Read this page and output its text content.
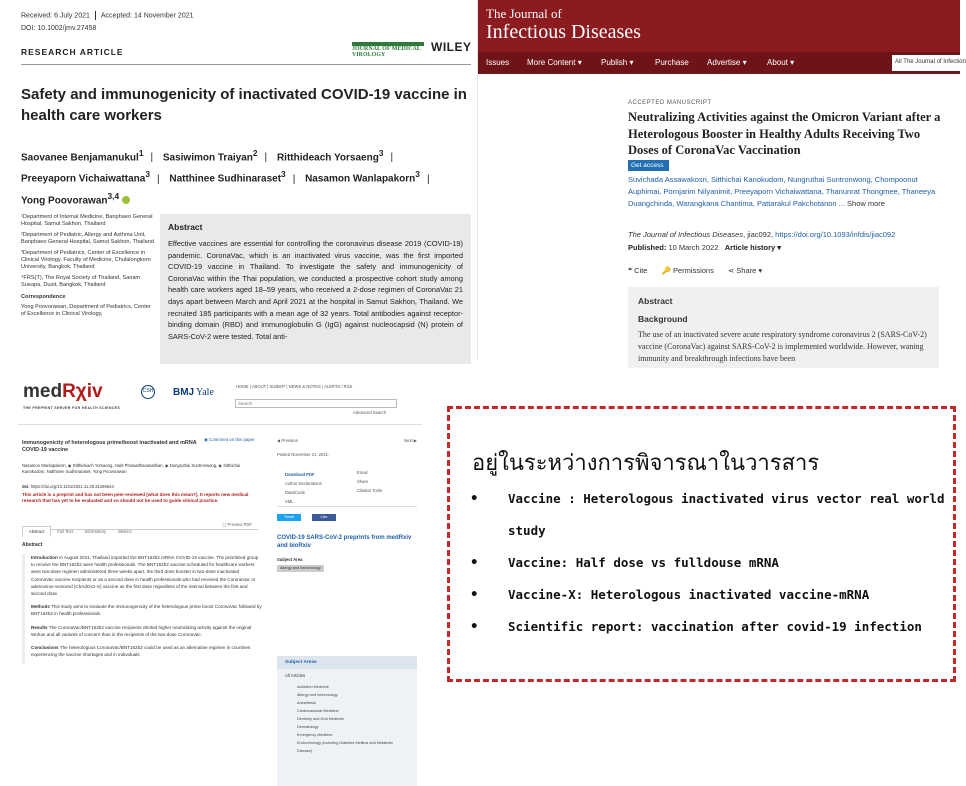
Received: 6 July 2021 Accepted: 14 November 2021
DOI: 10.1002/jmv.27458
RESEARCH ARTICLE	JOURNAL OF MEDICAL VIROLOGY
WILEY
Safety and immunogenicity of inactivated COVID-19 vaccine in health care workers
Saovanee Benjamanukul$^1$ | Sasiwimon Traiyan$^2$ | Ritthideach Yorsaeng$^3$ |
Preeyaporn Vichaiwattana$^3$ | Natthinee Sudhinaraset$^3$ | Nasamon Wanlapakorn$^3$ |
Yong Poovorawan$^{3,4}$

¹Department of Internal Medicine, Banphaeo General Hospital, Samut Sakhon, Thailand

²Department of Pediatric, Allergy and Asthma Unit, Banphaeo General Hospital, Samut Sakhon, Thailand

³Department of Pediatrics, Center of Excellence in Clinical Virology, Faculty of Medicine, Chulalongkorn University, Bangkok, Thailand

⁴FRS(T), The Royal Society of Thailand, Sanam Sueapa, Dusit, Bangkok, Thailand

Correspondence

Yong Poovorawan, Department of Pediatrics, Center of Excellence in Clinical Virology,

Abstract

Effective vaccines are essential for controlling the coronavirus disease 2019 (COVID-19) pandemic. CoronaVac, which is an inactivated virus vaccine, was the first imported COVID-19 vaccine in Thailand. To investigate the safety and immunogenicity of CoronaVac within the Thai population, we conducted a prospective cohort study among health care workers aged 18–59 years, who received a 2-dose regimen of CoronaVac 21 days apart between March and April 2021 at the hospital in Samut Sakhon, Thailand. We recruited 185 participants with a mean age of 32 years. Total antibodies against receptor-binding domain (RBD) and immunoglobulin G (IgG) against nucleocapsid (N) protein of SARS-CoV-2 were tested. Total anti-

The Journal of
Infectious Diseases
Issues More Content ▾ Publish ▾	Purchase Advertise ▾	About ▾	All The Journal of Infection
ACCEPTED MANUSCRIPT
Neutralizing Activities against the Omicron Variant after a Heterologous Booster in Healthy Adults Receiving Two Doses of CoronaVac Vaccination
Get access ›
Suvichada Assawakosri, Sitthichai Kanokudom, Nungruthai Suntronwong, Chompoonut Auphimai, Pornjarim Nilyanimit, Preeyaporn Vichaiwattana, Thanunrat Thongmee, Thaneeya Duangchinda, Warangkana Chantima, Pattarakul Pakchotanon ... Show more
The Journal of Infectious Diseases, jiac092, https://doi.org/10.1093/infdis/jiac092
Published: 10 March 2022 Article history ▾
❝ Cite 🔑 Permissions ⋖ Share ▾
Abstract
Background

The use of an inactivated severe acute respiratory syndrome coronavirus 2 (SARS-CoV-2) vaccine (CoronaVac) against SARS-CoV-2 is implemented worldwide. However, waning immunity and breakthrough infections have been

medRχiv
THE PREPRINT SERVER FOR HEALTH SCIENCES
CSH BMJ Yale
HOME | ABOUT | SUBMIT | NEWS & NOTES | ALERTS / RSS
Search
Advanced Search
Immunogenicity of heterologous prime/boost inactivated and mRNA COVID-19 vaccine
◉ Comment on this paper
Nasamon Wanlapakorn, ◉ Ritthideach Yorsaeng, Harit Phowatthanasathian, ◉ Nungruthai Suntronwong, ◉ Sitthichai Kanokudom, Natthinee Sudhinaraset, Yong Poovorawan
doi: https://doi.org/10.1101/2021.11.20.21266644
This article is a preprint and has not been peer-reviewed [what does this mean?]. It reports new medical research that has yet to be evaluated and so should not be used to guide clinical practice.
Abstract	Full Text	Info/History	Metrics
▢ Preview PDF
Abstract

Introduction In August 2021, Thailand imported the BNT162b2 mRNA COVID-19 vaccine. The prioritized group to receive the BNT162b2 were health professionals. The BNT162b2 vaccine scheduled for healthcare workers were two-dose regimen administered three weeks apart, the third dose booster in two-dose inactivated CoronaVac vaccine recipients or as a second dose in health professionals who had received the CoronaVac or adenovirus-vectored (ChAdOx1-S) vaccine as the first dose regardless of the interval between the first and second dose.

Methods This study aims to evaluate the immunogenicity of the heterologous prime boost CoronaVac followed by BNT162b2 in health professionals.

Results The CoronaVac/BNT162b2 vaccine recipients elicited higher neutralizing activity against the original Wuhan and all variants of concern than in the recipients of the two-dose CoronaVac.

Conclusions The heterologous CoronaVac/BNT162b2 could be used as an alternative regimen in countries experiencing the vaccine shortages and in individuals

◀ Previous	Next ▶
Posted November 21, 2021.
Download PDF
Author Declarations
Data/Code
XML
Email
Share
Citation Tools
Tweet	Like
COVID-19 SARS-CoV-2 preprints from medRxiv and bioRxiv
Subject Area
Allergy and Immunology
Subject Areas
All Articles
Addiction Medicine
Allergy and Immunology
Anesthesia
Cardiovascular Medicine
Dentistry and Oral Medicine
Dermatology
Emergency Medicine
Endocrinology (including Diabetes Mellitus and Metabolic Disease)
อยู่ในระหว่างการพิจารณาในวารสาร
• Vaccine : Heterologous inactivated virus vector real world study
• Vaccine: Half dose vs fulldouse mRNA
• Vaccine-X: Heterologous inactivated vaccine-mRNA
• Scientific report: vaccination after covid-19 infection
